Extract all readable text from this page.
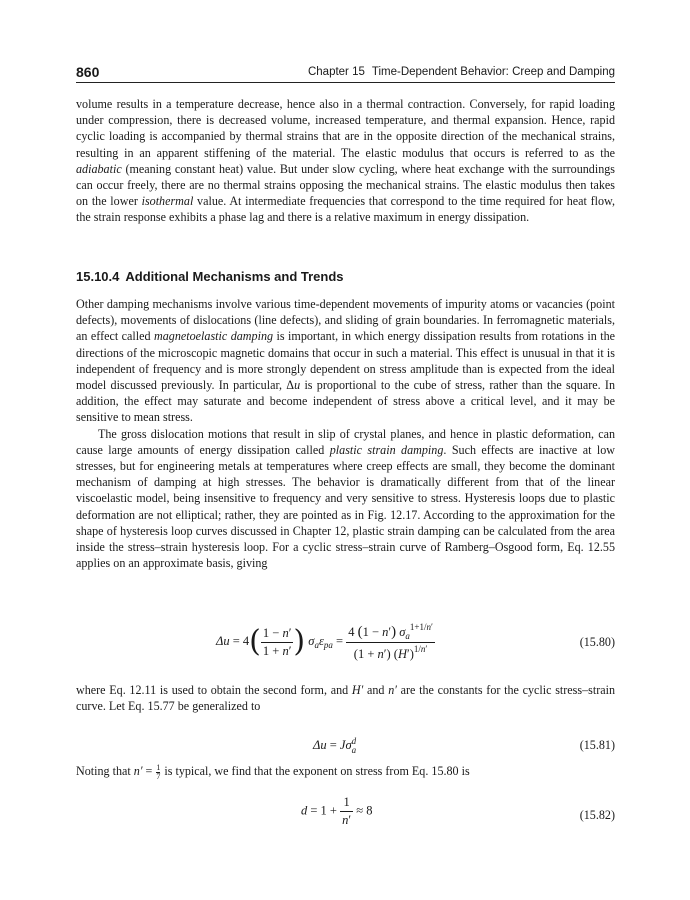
860	Chapter 15 Time-Dependent Behavior: Creep and Damping

volume results in a temperature decrease, hence also in a thermal contraction. Conversely, for rapid loading under compression, there is decreased volume, increased temperature, and thermal expansion. Hence, rapid cyclic loading is accompanied by thermal strains that are in the opposite direction of the mechanical strains, resulting in an apparent stiffening of the material. The elastic modulus that occurs is referred to as the adiabatic (meaning constant heat) value. But under slow cycling, where heat exchange with the surroundings can occur freely, there are no thermal strains opposing the mechanical strains. The elastic modulus then takes on the lower isothermal value. At intermediate frequencies that correspond to the time required for heat flow, the strain response exhibits a phase lag and there is a relative maximum in energy dissipation.

15.10.4 Additional Mechanisms and Trends

Other damping mechanisms involve various time-dependent movements of impurity atoms or vacancies (point defects), movements of dislocations (line defects), and sliding of grain boundaries. In ferromagnetic materials, an effect called magnetoelastic damping is important, in which energy dissipation results from rotations in the directions of the microscopic magnetic domains that occur in such a material. This effect is unusual in that it is independent of frequency and is more strongly dependent on stress amplitude than is expected from the ideal model discussed previously. In particular, Δu is proportional to the cube of stress, rather than the square. In addition, the effect may saturate and become independent of stress above a critical level, and it may be sensitive to mean stress.

The gross dislocation motions that result in slip of crystal planes, and hence in plastic deformation, can cause large amounts of energy dissipation called plastic strain damping. Such effects are inactive at low stresses, but for engineering metals at temperatures where creep effects are small, they become the dominant mechanism of damping at high stresses. The behavior is dramatically different from that of the linear viscoelastic model, being insensitive to frequency and very sensitive to stress. Hysteresis loops due to plastic deformation are not elliptical; rather, they are pointed as in Fig. 12.17. According to the approximation for the shape of hysteresis loop curves discussed in Chapter 12, plastic strain damping can be calculated from the area inside the stress–strain hysteresis loop. For a cyclic stress–strain curve of Ramberg–Osgood form, Eq. 12.55 applies on an approximate basis, giving

$\Delta u = 4( \frac{1 - n'}{1 + n'}$ ) $\sigma_a\varepsilon_{pa} = \frac{4 (1 - n') \sigma_a^{1+1/n'}}{(1 + n') (H')^{1/n'}}$	(15.80)

where Eq. 12.11 is used to obtain the second form, and H′ and n′ are the constants for the cyclic stress–strain curve. Let Eq. 15.77 be generalized to

Δu = Jσ d
a	(15.81)

Noting that $n' = \frac{1}{7}$ is typical, we find that the exponent on stress from Eq. 15.80 is

$d = 1 + \frac{1}{n'} \approx 8$	(15.82)
